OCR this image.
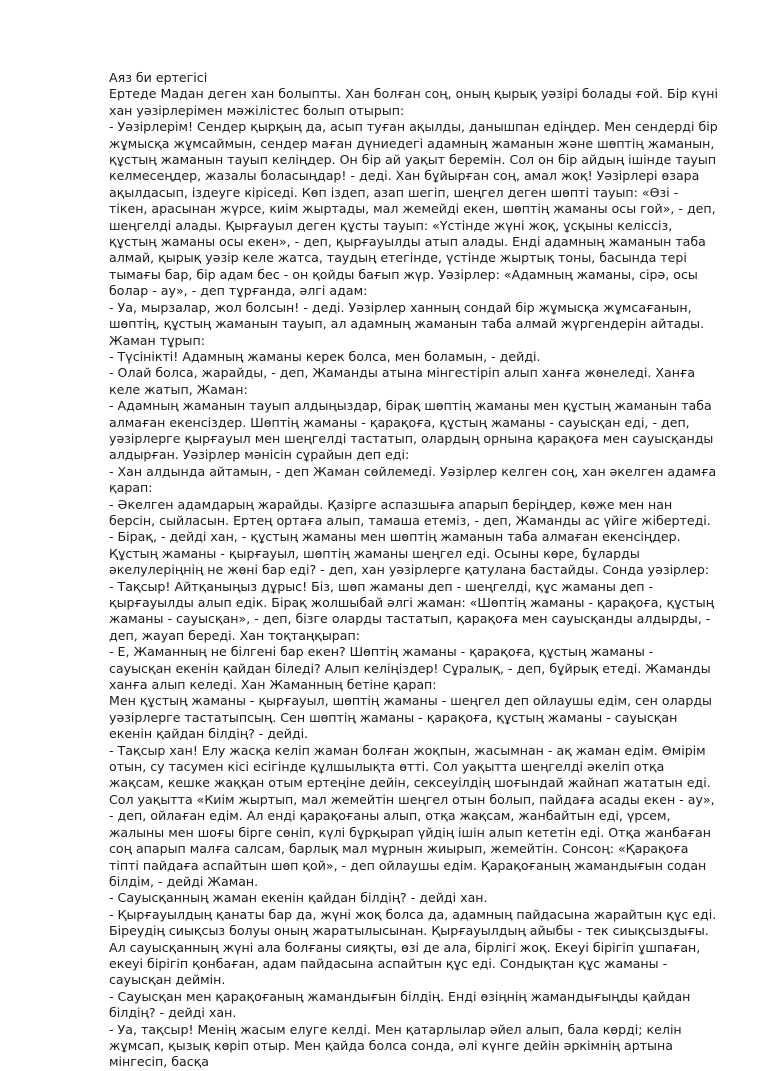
Аяз би ертегісі

Ертеде Мадан деген хан болыпты. Хан болған соң, оның қырық уәзірі болады ғой. Бір күні хан уәзірлерімен мәжілістес болып отырып:

- Уәзірлерім! Сендер қырқың да, асып туған ақылды, данышпан едіңдер. Мен сендерді бір жұмысқа жұмсаймын, сендер маған дүниедегі адамның жаманын және шөптің жаманын, құстың жаманын тауып келіңдер. Он бір ай уақыт беремін. Сол он бір айдың ішінде тауып келмесеңдер, жазалы боласыңдар! - деді. Хан бұйырған соң, амал жоқ! Уәзірлері өзара ақылдасып, іздеуге кіріседі. Көп іздеп, азап шегіп, шеңгел деген шөпті тауып: «Өзі - тікен, арасынан жүрсе, киім жыртады, мал жемейді екен, шөптің жаманы осы гой», - деп, шеңгелді алады. Қырғауыл деген құсты тауып: «Үстінде жүні жоқ, ұсқыны келіссіз, құстың жаманы осы екен», - деп, қырғауылды атып алады. Енді адамның жаманын таба алмай, қырық уәзір келе жатса, таудың етегінде, үстінде жыртық тоны, басында тері тымағы бар, бір адам бес - он қойды бағып жүр. Уәзірлер: «Адамның жаманы, сірә, осы болар - ау», - деп тұрғанда, әлгі адам:

- Уа, мырзалар, жол болсын! - деді. Уәзірлер ханның сондай бір жұмысқа жұмсағанын, шөптің, құстың жаманын тауып, ал адамның жаманын таба алмай жүргендерін айтады. Жаман тұрып:

- Түсінікті! Адамның жаманы керек болса, мен боламын, - дейді.

- Олай болса, жарайды, - деп, Жаманды атына мінгестіріп алып ханға жөнеледі. Ханға келе жатып, Жаман:

- Адамның жаманын тауып алдыңыздар, бірақ шөптің жаманы мен құстың жаманын таба алмаған екенсіздер. Шөптің жаманы - қарақоға, құстың жаманы - сауысқан еді, - деп, уәзірлерге қырғауыл мен шеңгелді тастатып, олардың орнына қарақоға мен сауысқанды алдырған. Уәзірлер мәнісін сұрайын деп еді:

- Хан алдында айтамын, - деп Жаман сөйлемеді. Уәзірлер келген соң, хан әкелген адамға қарап:

- Әкелген адамдарың жарайды. Қазірге аспазшыға апарып беріңдер, көже мен нан берсін, сыйласын. Ертең ортаға алып, тамаша етеміз, - деп, Жаманды ас үйіге жібертеді.

- Бірақ, - дейді хан, - құстың жаманы мен шөптің жаманын таба алмаған екенсіңдер. Құстың жаманы - қырғауыл, шөптің жаманы шеңгел еді. Осыны көре, бұларды әкелулеріңнің не жөні бар еді? - деп, хан уәзірлерге қатулана бастайды. Сонда уәзірлер:

- Тақсыр! Айтқаныңыз дұрыс! Біз, шөп жаманы деп - шеңгелді, құс жаманы деп - қырғауылды алып едік. Бірақ жолшыбай әлгі жаман: «Шөптің жаманы - қарақоға, құстың жаманы - сауысқан», - деп, бізге оларды тастатып, қарақоға мен сауысқанды алдырды, - деп, жауап береді. Хан тоқтаңқырап:

- Е, Жаманның не білгені бар екен? Шөптің жаманы - қарақоға, құстың жаманы - сауысқан екенін қайдан біледі? Алып келіңіздер! Сұралық, - деп, бұйрық етеді. Жаманды ханға алып келеді. Хан Жаманның бетіне қарап:

Мен құстың жаманы - қырғауыл, шөптің жаманы - шеңгел деп ойлаушы едім, сен оларды уәзірлерге тастатыпсың. Сен шөптің жаманы - қарақоға, құстың жаманы - сауысқан екенін қайдан білдің? - дейді.

- Тақсыр хан! Елу жасқа келіп жаман болған жоқпын, жасымнан - ақ жаман едім. Өмірім отын, су тасумен кісі есігінде құлшылықта өтті. Сол уақытта шеңгелді әкеліп отқа жақсам, кешке жаққан отым ертеңіне дейін, сексеуілдің шоғындай жайнап жататын еді. Сол уақытта «Киім жыртып, мал жемейтін шеңгел отын болып, пайдаға асады екен - ау», - деп, ойлаған едім. Ал енді қарақоғаны алып, отқа жақсам, жанбайтын еді, үрсем, жалыны мен шоғы бірге сөніп, күлі бұрқырап үйдің ішін алып кететін еді. Отқа жанбаған соң апарып малға салсам, барлық мал мұрнын жиырып, жемейтін. Сонсоң: «Қарақоға тіпті пайдаға аспайтын шөп қой», - деп ойлаушы едім. Қарақоғаның жамандығын содан білдім, - дейді Жаман.

- Сауысқанның жаман екенін қайдан білдің? - дейді хан.

- Қырғауылдың қанаты бар да, жүні жоқ болса да, адамның пайдасына жарайтын құс еді. Біреудің сиықсыз болуы оның жаратылысынан. Қырғауылдың айыбы - тек сиықсыздығы. Ал сауысқанның жүні ала болғаны сияқты, өзі де ала, бірлігі жоқ. Екеуі бірігіп ұшпаған, екеуі бірігіп қонбаған, адам пайдасына аспайтын құс еді. Сондықтан құс жаманы - сауысқан деймін.

- Сауысқан мен қарақоғаның жамандығын білдің. Енді өзіңнің жамандығыңды қайдан білдің? - дейді хан.

- Уа, тақсыр! Менің жасым елуге келді. Мен қатарлылар әйел алып, бала көрді; келін жұмсап, қызық көріп отыр. Мен қайда болса сонда, әлі күнге дейін әркімнің артына мінгесіп, басқа
